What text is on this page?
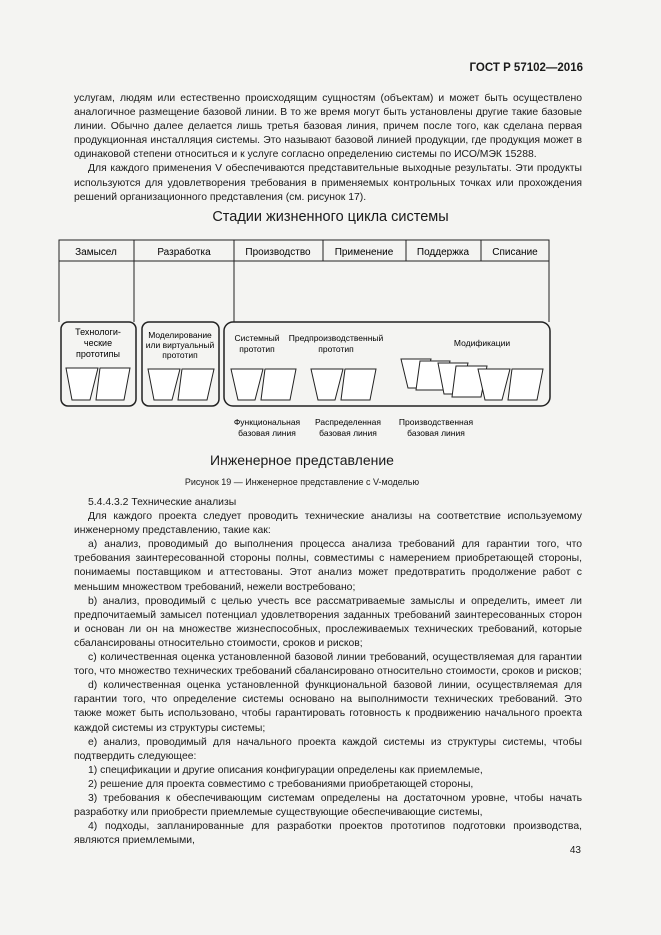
ГОСТ Р 57102—2016

услугам, людям или естественно происходящим сущностям (объектам) и может быть осуществлено аналогичное размещение базовой линии. В то же время могут быть установлены другие такие базовые линии. Обычно далее делается лишь третья базовая линия, причем после того, как сделана первая продукционная инсталляция системы. Это называют базовой линией продукции, где продукция может в одинаковой степени относиться и к услуге согласно определению системы по ИСО/МЭК 15288.

Для каждого применения V обеспечиваются представительные выходные результаты. Эти продукты используются для удовлетворения требования в применяемых контрольных точках или прохождения решений организационного представления (см. рисунок 17).

Стадии жизненного цикла системы
Замысел	Разработка	Производство Применение Поддержка Списание
Технологи-
ческие
прототипы
Моделирование
или виртуальный
прототип
Системный
прототип
Предпроизводственный
прототип
Модификации
Функциональная
базовая линия
Распределенная
базовая линия
Производственная
базовая линия
Инженерное представление
Рисунок 19 — Инженерное представление с V-моделью

5.4.4.3.2 Технические анализы

Для каждого проекта следует проводить технические анализы на соответствие используемому инженерному представлению, такие как:

а) анализ, проводимый до выполнения процесса анализа требований для гарантии того, что требования заинтересованной стороны полны, совместимы с намерением приобретающей стороны, понимаемы поставщиком и аттестованы. Этот анализ может предотвратить продолжение работ с меньшим множеством требований, нежели востребовано;

b) анализ, проводимый с целью учесть все рассматриваемые замыслы и определить, имеет ли предпочитаемый замысел потенциал удовлетворения заданных требований заинтересованных сторон и основан ли он на множестве жизнеспособных, прослеживаемых технических требований, которые сбалансированы относительно стоимости, сроков и рисков;

с) количественная оценка установленной базовой линии требований, осуществляемая для гарантии того, что множество технических требований сбалансировано относительно стоимости, сроков и рисков;

d) количественная оценка установленной функциональной базовой линии, осуществляемая для гарантии того, что определение системы основано на выполнимости технических требований. Это также может быть использовано, чтобы гарантировать готовность к продвижению начального проекта каждой системы из структуры системы;

е) анализ, проводимый для начального проекта каждой системы из структуры системы, чтобы подтвердить следующее:

1) спецификации и другие описания конфигурации определены как приемлемые,

2) решение для проекта совместимо с требованиями приобретающей стороны,

3) требования к обеспечивающим системам определены на достаточном уровне, чтобы начать разработку или приобрести приемлемые существующие обеспечивающие системы,

4) подходы, запланированные для разработки проектов прототипов подготовки производства, являются приемлемыми,

43
